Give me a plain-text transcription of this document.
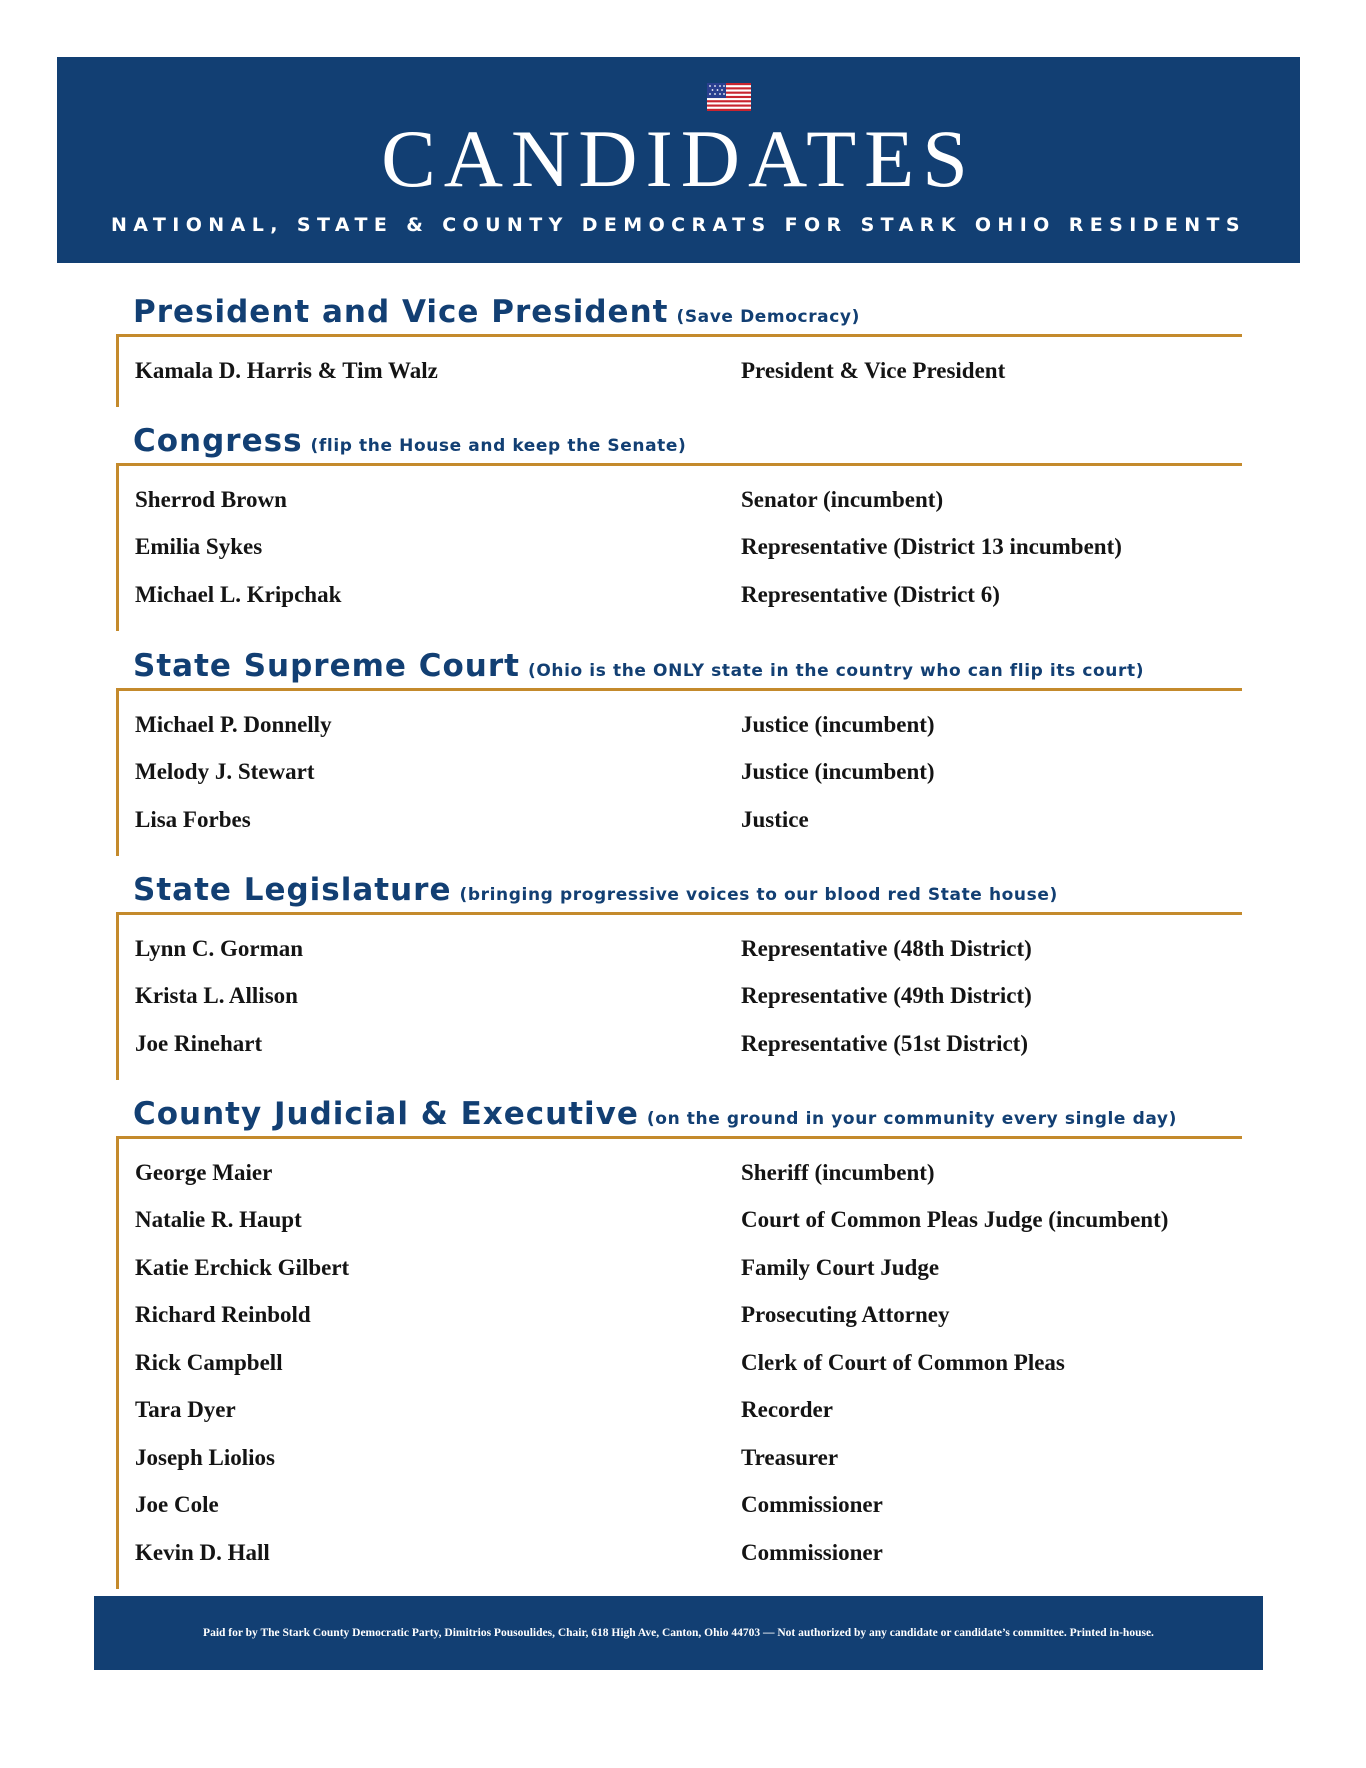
CANDIDATES
NATIONAL, STATE & COUNTY DEMOCRATS FOR STARK OHIO RESIDENTS
President and Vice President (Save Democracy)
Kamala D. Harris & Tim Walz	President & Vice President
Congress (flip the House and keep the Senate)
Sherrod Brown	Senator (incumbent)
Emilia Sykes	Representative (District 13 incumbent)
Michael L. Kripchak	Representative (District 6)
State Supreme Court (Ohio is the ONLY state in the country who can flip its court)
Michael P. Donnelly	Justice (incumbent)
Melody J. Stewart	Justice (incumbent)
Lisa Forbes	Justice
State Legislature (bringing progressive voices to our blood red State house)
Lynn C. Gorman	Representative (48th District)
Krista L. Allison	Representative (49th District)
Joe Rinehart	Representative (51st District)
County Judicial & Executive (on the ground in your community every single day)
George Maier	Sheriff (incumbent)
Natalie R. Haupt	Court of Common Pleas Judge (incumbent)
Katie Erchick Gilbert	Family Court Judge
Richard Reinbold	Prosecuting Attorney
Rick Campbell	Clerk of Court of Common Pleas
Tara Dyer	Recorder
Joseph Liolios	Treasurer
Joe Cole	Commissioner
Kevin D. Hall	Commissioner
Paid for by The Stark County Democratic Party, Dimitrios Pousoulides, Chair, 618 High Ave, Canton, Ohio 44703 — Not authorized by any candidate or candidate’s committee. Printed in-house.
